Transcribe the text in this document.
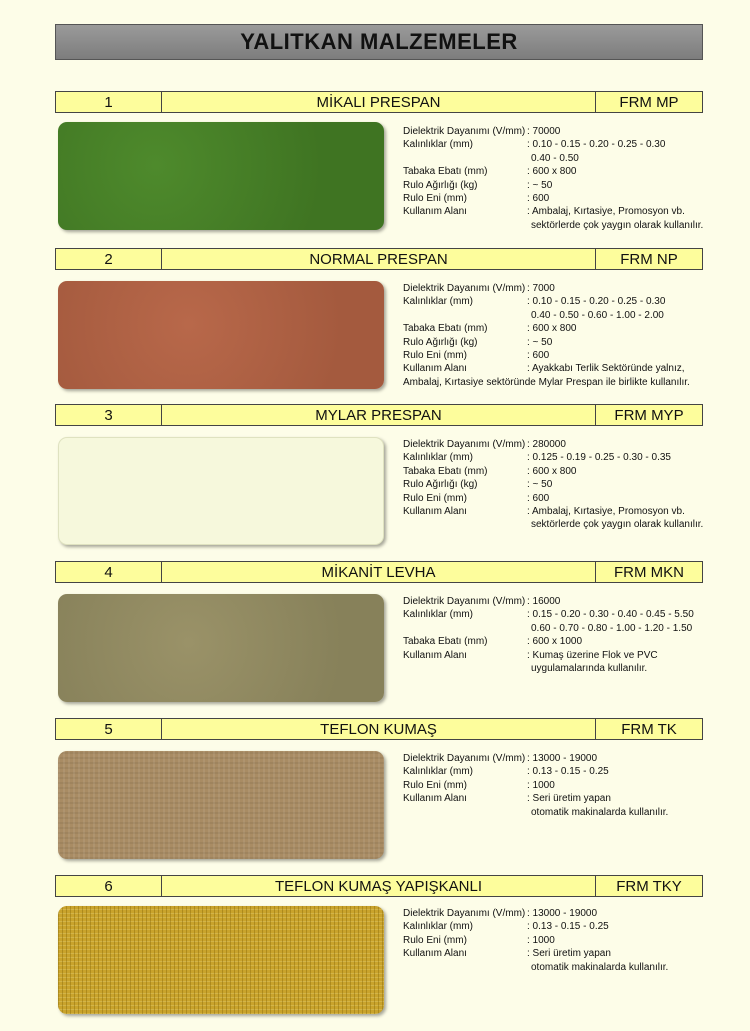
YALITKAN MALZEMELER
1	MİKALI PRESPAN	FRM MP
Dielektrik Dayanımı (V/mm) : 70000
Kalınlıklar (mm)	: 0.10 - 0.15 - 0.20 - 0.25 - 0.30
0.40 - 0.50
Tabaka Ebatı (mm)	: 600 x 800
Rulo Ağırlığı (kg)	: ~ 50
Rulo Eni (mm)	: 600
Kullanım Alanı	: Ambalaj, Kırtasiye, Promosyon vb.
sektörlerde çok yaygın olarak kullanılır.
2	NORMAL PRESPAN	FRM NP
Dielektrik Dayanımı (V/mm) : 7000
Kalınlıklar (mm)	: 0.10 - 0.15 - 0.20 - 0.25 - 0.30
0.40 - 0.50 - 0.60 - 1.00 - 2.00
Tabaka Ebatı (mm)	: 600 x 800
Rulo Ağırlığı (kg)	: ~ 50
Rulo Eni (mm)	: 600
Kullanım Alanı	: Ayakkabı Terlik Sektöründe yalnız,
Ambalaj, Kırtasiye sektöründe Mylar Prespan ile birlikte kullanılır.
3	MYLAR PRESPAN	FRM MYP
Dielektrik Dayanımı (V/mm) : 280000
Kalınlıklar (mm)	: 0.125 - 0.19 - 0.25 - 0.30 - 0.35
Tabaka Ebatı (mm)	: 600 x 800
Rulo Ağırlığı (kg)	: ~ 50
Rulo Eni (mm)	: 600
Kullanım Alanı	: Ambalaj, Kırtasiye, Promosyon vb.
sektörlerde çok yaygın olarak kullanılır.
4	MİKANİT LEVHA	FRM MKN
Dielektrik Dayanımı (V/mm) : 16000
Kalınlıklar (mm)	: 0.15 - 0.20 - 0.30 - 0.40 - 0.45 - 5.50
0.60 - 0.70 - 0.80 - 1.00 - 1.20 - 1.50
Tabaka Ebatı (mm)	: 600 x 1000
Kullanım Alanı	: Kumaş üzerine Flok ve PVC
uygulamalarında kullanılır.
5	TEFLON KUMAŞ	FRM TK
Dielektrik Dayanımı (V/mm) : 13000 - 19000
Kalınlıklar (mm)	: 0.13 - 0.15 - 0.25
Rulo Eni (mm)	: 1000
Kullanım Alanı	: Seri üretim yapan
otomatik makinalarda kullanılır.
6	TEFLON KUMAŞ YAPIŞKANLI	FRM TKY
Dielektrik Dayanımı (V/mm) : 13000 - 19000
Kalınlıklar (mm)	: 0.13 - 0.15 - 0.25
Rulo Eni (mm)	: 1000
Kullanım Alanı	: Seri üretim yapan
otomatik makinalarda kullanılır.
